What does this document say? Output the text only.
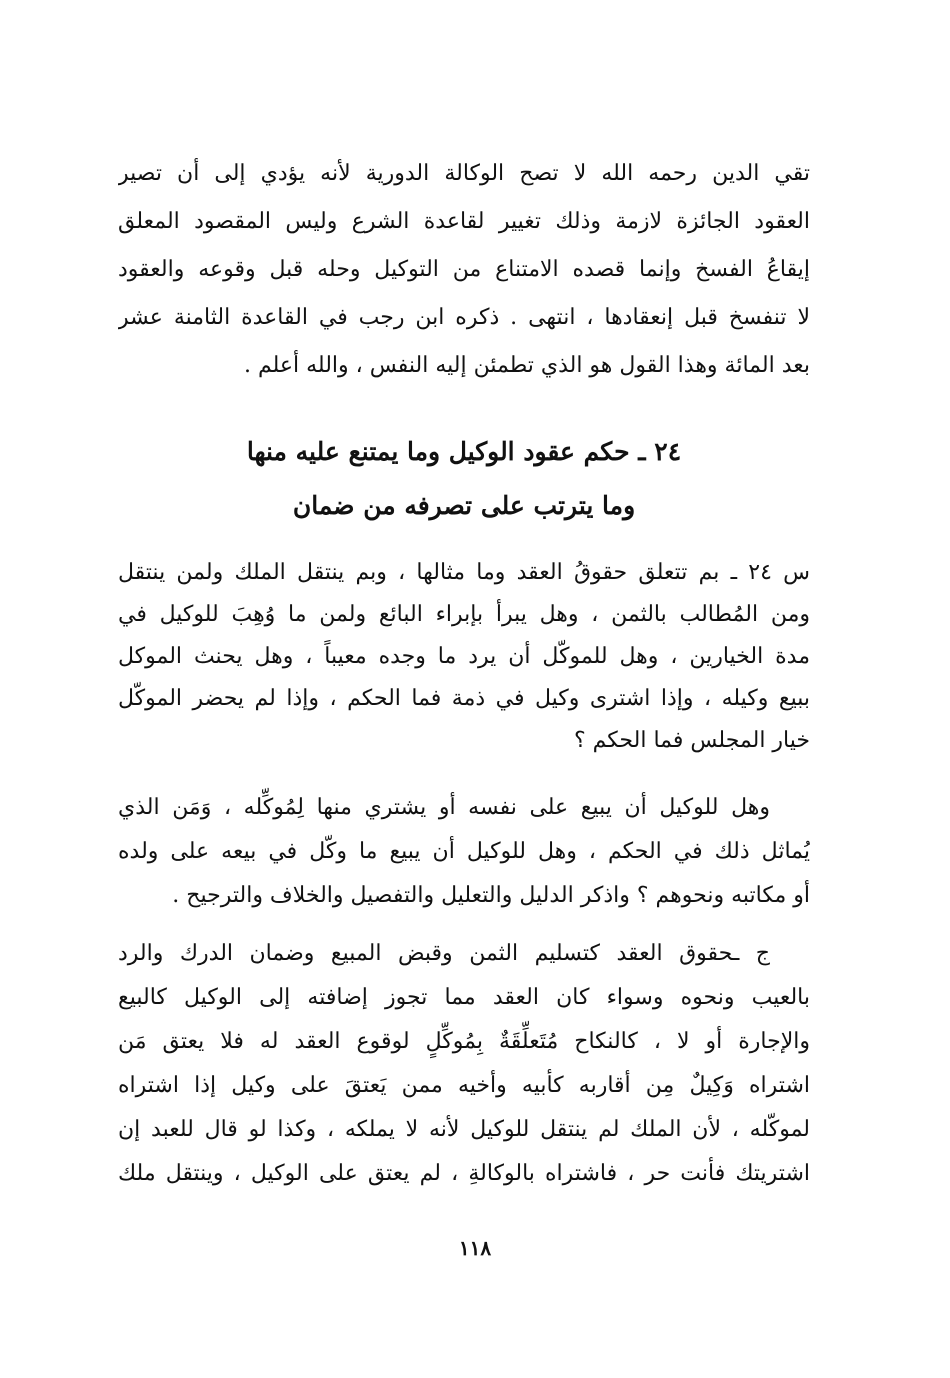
تقي الدين رحمه الله لا تصح الوكالة الدورية لأنه يؤدي إلى أن تصير
العقود الجائزة لازمة وذلك تغيير لقاعدة الشرع وليس المقصود المعلق
إيقاعُ الفسخ وإنما قصده الامتناع من التوكيل وحله قبل وقوعه والعقود
لا تنفسخ قبل إنعقادها ، انتهى . ذكره ابن رجب في القاعدة الثامنة عشر
بعد المائة وهذا القول هو الذي تطمئن إليه النفس ، والله أعلم .
٢٤ ـ حكم عقود الوكيل وما يمتنع عليه منها
وما يترتب على تصرفه من ضمان
س ٢٤ ـ بم تتعلق حقوقُ العقد وما مثالها ، وبم ينتقل الملك ولمن ينتقل
ومن المُطالب بالثمن ، وهل يبرأ بإبراء البائع ولمن ما وُهِبَ للوكيل في
مدة الخيارين ، وهل للموكّل أن يرد ما وجده معيباً ، وهل يحنث الموكل
ببيع وكيله ، وإذا اشترى وكيل في ذمة فما الحكم ، وإذا لم يحضر الموكّل
خيار المجلس فما الحكم ؟
وهل للوكيل أن يبيع على نفسه أو يشتري منها لِمُوكِّله ، وَمَن الذي
يُماثل ذلك في الحكم ، وهل للوكيل أن يبيع ما وكّل في بيعه على ولده
أو مكاتبه ونحوهم ؟ واذكر الدليل والتعليل والتفصيل والخلاف والترجيح .
ج ـحقوق العقد كتسليم الثمن وقبض المبيع وضمان الدرك والرد
بالعيب ونحوه وسواء كان العقد مما تجوز إضافته إلى الوكيل كالبيع
والإجارة أو لا ، كالنكاح مُتَعلِّقَةٌ بِمُوكِّلٍ لوقوع العقد له فلا يعتق مَن
اشتراه وَكِيلٌ مِن أقاربه كأبيه وأخيه ممن يَعتقَ على وكيل إذا اشتراه
لموكّله ، لأن الملك لم ينتقل للوكيل لأنه لا يملكه ، وكذا لو قال للعبد إن
اشتريتك فأنت حر ، فاشتراه بالوكالةِ ، لم يعتق على الوكيل ، وينتقل ملك
١١٨
